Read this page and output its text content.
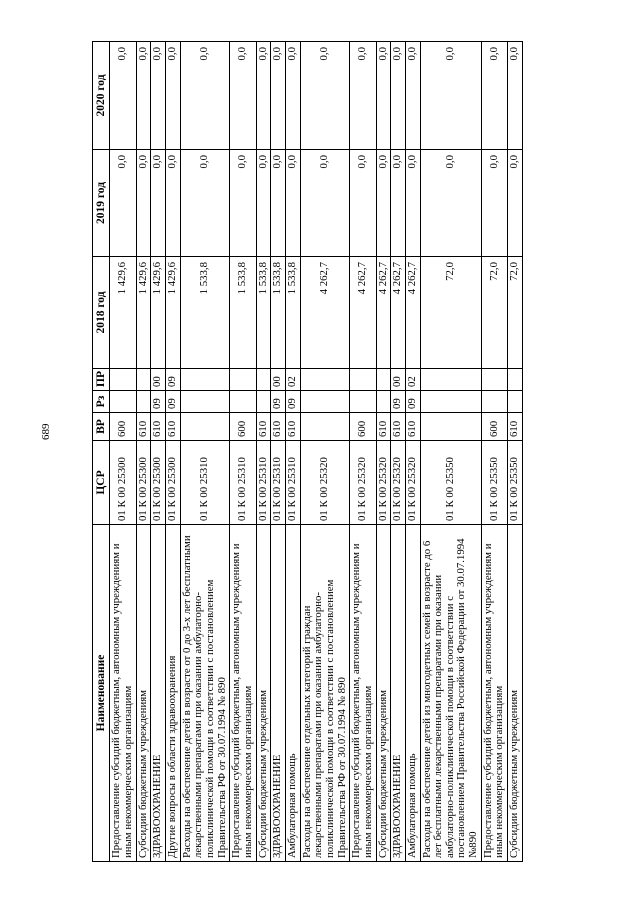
689
Наименование	ЦСР	ВР	Рз	ПР	2018 год	2019 год	2020 год
Предоставление субсидий бюджетным, автономным учреждениям и иным некоммерческим организациям	01 К 00 25300	600			1 429,6	0,0	0,0
Субсидии бюджетным учреждениям	01 К 00 25300	610			1 429,6	0,0	0,0
ЗДРАВООХРАНЕНИЕ	01 К 00 25300	610	09	00	1 429,6	0,0	0,0
Другие вопросы в области здравоохранения	01 К 00 25300	610	09	09	1 429,6	0,0	0,0
Расходы на обеспечение детей в возрасте от 0 до 3-х лет бесплатными лекарственными препаратами при оказании амбулаторно-поликлинической помощи в соответствии с постановлением Правительства РФ от 30.07.1994 № 890	01 К 00 25310				1 533,8	0,0	0,0
Предоставление субсидий бюджетным, автономным учреждениям и иным некоммерческим организациям	01 К 00 25310	600			1 533,8	0,0	0,0
Субсидии бюджетным учреждениям	01 К 00 25310	610			1 533,8	0,0	0,0
ЗДРАВООХРАНЕНИЕ	01 К 00 25310	610	09	00	1 533,8	0,0	0,0
Амбулаторная помощь	01 К 00 25310	610	09	02	1 533,8	0,0	0,0
Расходы на обеспечение отдельных категорий граждан лекарственными препаратами при оказании амбулаторно-поликлинической помощи в соответствии с постановлением Правительства РФ от 30.07.1994 № 890	01 К 00 25320				4 262,7	0,0	0,0
Предоставление субсидий бюджетным, автономным учреждениям и иным некоммерческим организациям	01 К 00 25320	600			4 262,7	0,0	0,0
Субсидии бюджетным учреждениям	01 К 00 25320	610			4 262,7	0,0	0,0
ЗДРАВООХРАНЕНИЕ	01 К 00 25320	610	09	00	4 262,7	0,0	0,0
Амбулаторная помощь	01 К 00 25320	610	09	02	4 262,7	0,0	0,0
Расходы на обеспечение детей из многодетных семей в возрасте до 6 лет бесплатными лекарственными препаратами при оказании амбулаторно-поликлинической помощи в соответствии с постановлением Правительства Российской Федерации от 30.07.1994 №890	01 К 00 25350				72,0	0,0	0,0
Предоставление субсидий бюджетным, автономным учреждениям и иным некоммерческим организациям	01 К 00 25350	600			72,0	0,0	0,0
Субсидии бюджетным учреждениям	01 К 00 25350	610			72,0	0,0	0,0
